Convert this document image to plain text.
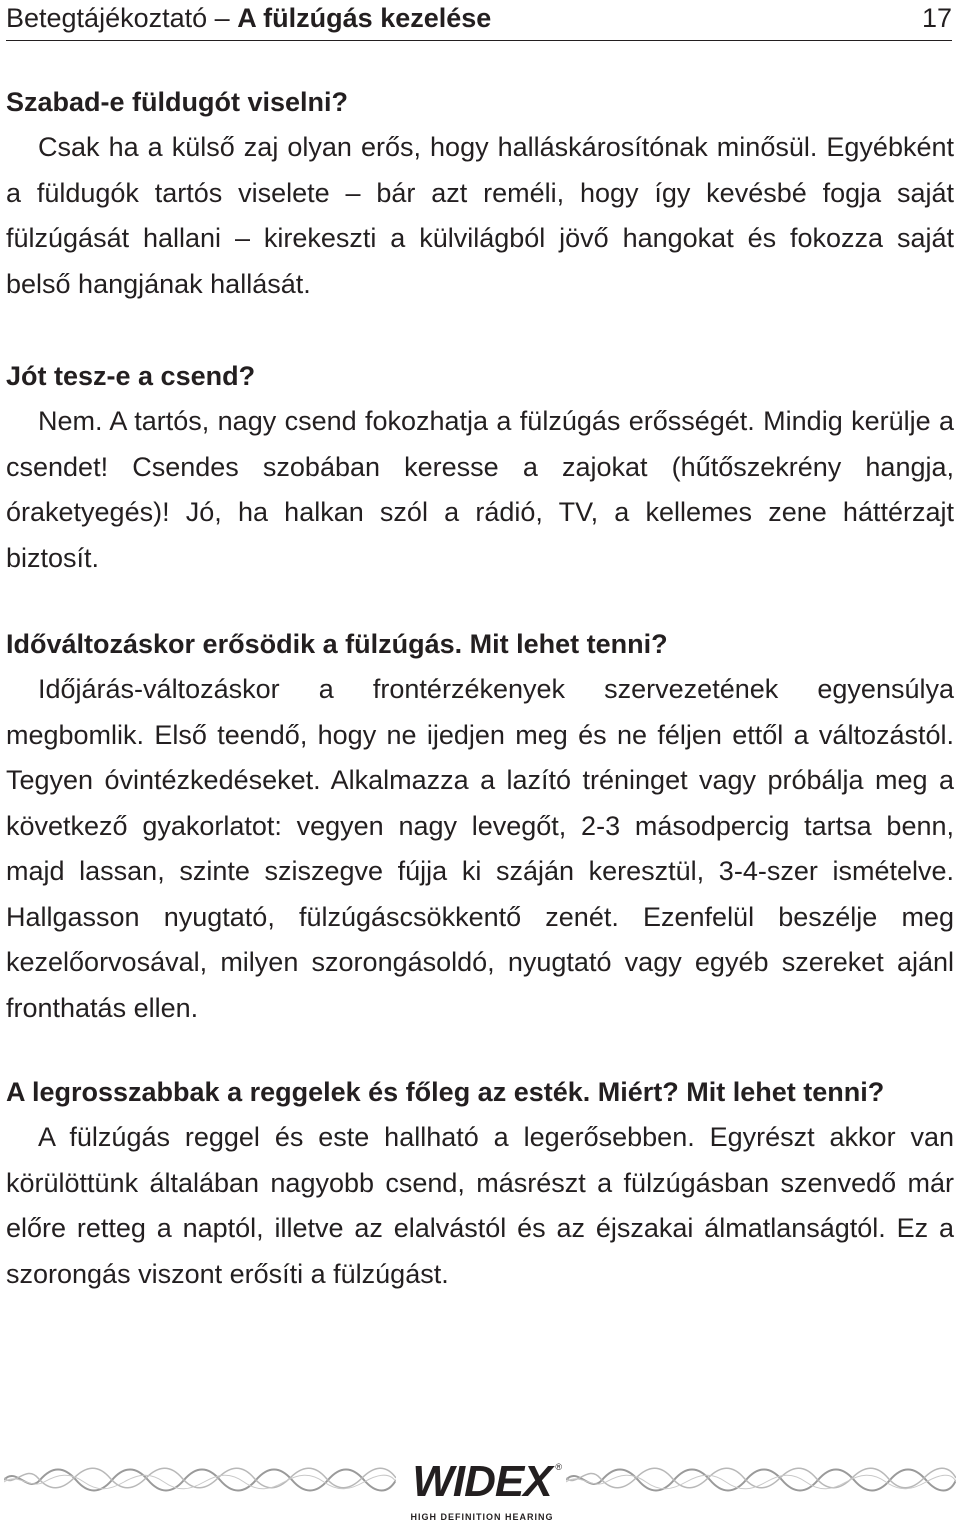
Betegtájékoztató – A fülzúgás kezelése	17
Szabad-e füldugót viselni?

Csak ha a külső zaj olyan erős, hogy halláskárosítónak minősül. Egyébként a füldugók tartós viselete – bár azt reméli, hogy így kevésbé fogja saját fülzúgását hallani – kirekeszti a külvilágból jövő hangokat és fokozza saját belső hangjának hallását.

Jót tesz-e a csend?

Nem. A tartós, nagy csend fokozhatja a fülzúgás erősségét. Mindig kerülje a csendet! Csendes szobában keresse a zajokat (hűtőszekrény hangja, óraketyegés)! Jó, ha halkan szól a rádió, TV, a kellemes zene háttérzajt biztosít.

Időváltozáskor erősödik a fülzúgás. Mit lehet tenni?

Időjárás-változáskor a frontérzékenyek szervezetének egyensúlya megbomlik. Első teendő, hogy ne ijedjen meg és ne féljen ettől a változástól. Tegyen óvintézkedéseket. Alkalmazza a lazító tréninget vagy próbálja meg a következő gyakorlatot: vegyen nagy levegőt, 2-3 másodpercig tartsa benn, majd lassan, szinte sziszegve fújja ki száján keresztül, 3-4-szer ismételve. Hallgasson nyugtató, fülzúgáscsökkentő zenét. Ezenfelül beszélje meg kezelőorvosával, milyen szorongásoldó, nyugtató vagy egyéb szereket ajánl fronthatás ellen.

A legrosszabbak a reggelek és főleg az esték. Miért? Mit lehet tenni?

A fülzúgás reggel és este hallható a legerősebben. Egyrészt akkor van körülöttünk általában nagyobb csend, másrészt a fülzúgásban szenvedő már előre retteg a naptól, illetve az elalvástól és az éjszakai álmatlanságtól. Ez a szorongás viszont erősíti a fülzúgást.

WIDEX ®
HIGH DEFINITION HEARING
